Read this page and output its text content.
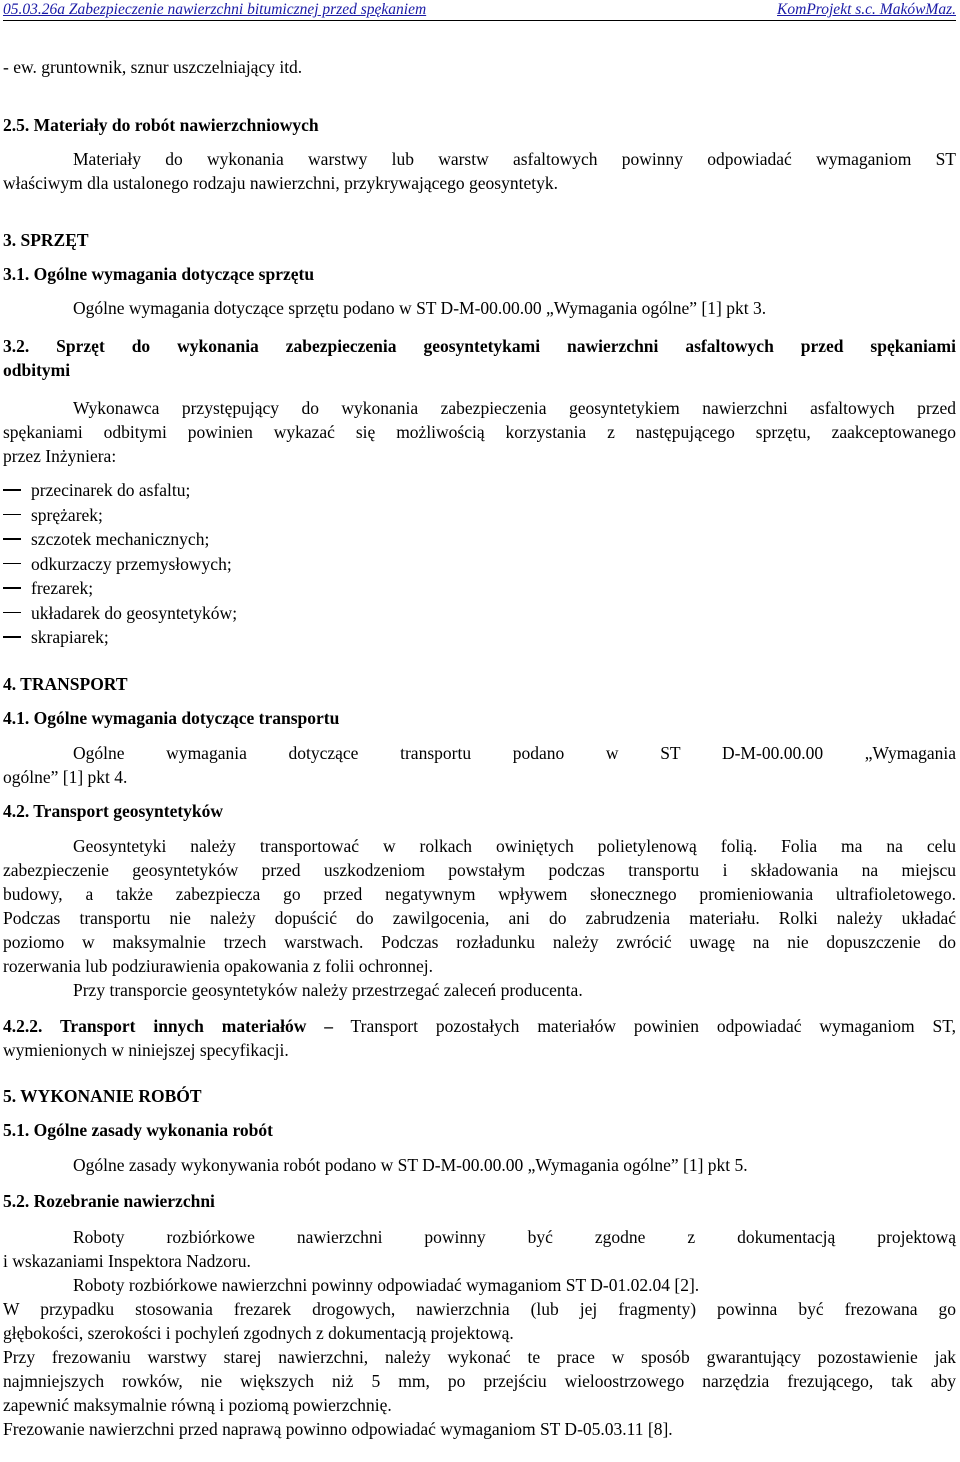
05.03.26a Zabezpieczenie nawierzchni bitumicznej przed spękaniem	KomProjekt s.c. MakówMaz.

- ew. gruntownik, sznur uszczelniający itd.

2.5. Materiały do robót nawierzchniowych

Materiały do wykonania warstwy lub warstw asfaltowych powinny odpowiadać wymaganiom ST

właściwym dla ustalonego rodzaju nawierzchni, przykrywającego geosyntetyk.

3. SPRZĘT

3.1. Ogólne wymagania dotyczące sprzętu

Ogólne wymagania dotyczące sprzętu podano w ST D-M-00.00.00 „Wymagania ogólne” [1] pkt 3.

3.2. Sprzęt do wykonania zabezpieczenia geosyntetykami nawierzchni asfaltowych przed spękaniami

odbitymi

Wykonawca przystępujący do wykonania zabezpieczenia geosyntetykiem nawierzchni asfaltowych przed

spękaniami odbitymi powinien wykazać się możliwością korzystania z następującego sprzętu, zaakceptowanego

przez Inżyniera:

przecinarek do asfaltu;
sprężarek;
szczotek mechanicznych;
odkurzaczy przemysłowych;
frezarek;
układarek do geosyntetyków;
skrapiarek;

4. TRANSPORT

4.1. Ogólne wymagania dotyczące transportu

Ogólne wymagania dotyczące transportu podano w ST D-M-00.00.00 „Wymagania

ogólne” [1] pkt 4.

4.2. Transport geosyntetyków

Geosyntetyki należy transportować w rolkach owiniętych polietylenową folią. Folia ma na celu

zabezpieczenie geosyntetyków przed uszkodzeniom powstałym podczas transportu i składowania na miejscu

budowy, a także zabezpiecza go przed negatywnym wpływem słonecznego promieniowania ultrafioletowego.

Podczas transportu nie należy dopuścić do zawilgocenia, ani do zabrudzenia materiału. Rolki należy układać

poziomo w maksymalnie trzech warstwach. Podczas rozładunku należy zwrócić uwagę na nie dopuszczenie do

rozerwania lub podziurawienia opakowania z folii ochronnej.

Przy transporcie geosyntetyków należy przestrzegać zaleceń producenta.

4.2.2. Transport innych materiałów – Transport pozostałych materiałów powinien odpowiadać wymaganiom ST,

wymienionych w niniejszej specyfikacji.

5. WYKONANIE ROBÓT

5.1. Ogólne zasady wykonania robót

Ogólne zasady wykonywania robót podano w ST D-M-00.00.00 „Wymagania ogólne” [1] pkt 5.

5.2. Rozebranie nawierzchni

Roboty rozbiórkowe nawierzchni powinny być zgodne z dokumentacją projektową

i wskazaniami Inspektora Nadzoru.

Roboty rozbiórkowe nawierzchni powinny odpowiadać wymaganiom ST D-01.02.04 [2].

W przypadku stosowania frezarek drogowych, nawierzchnia (lub jej fragmenty) powinna być frezowana go

głębokości, szerokości i pochyleń zgodnych z dokumentacją projektową.

Przy frezowaniu warstwy starej nawierzchni, należy wykonać te prace w sposób gwarantujący pozostawienie jak

najmniejszych rowków, nie większych niż 5 mm, po przejściu wieloostrzowego narzędzia frezującego, tak aby

zapewnić maksymalnie równą i poziomą powierzchnię.

Frezowanie nawierzchni przed naprawą powinno odpowiadać wymaganiom ST D-05.03.11 [8].
